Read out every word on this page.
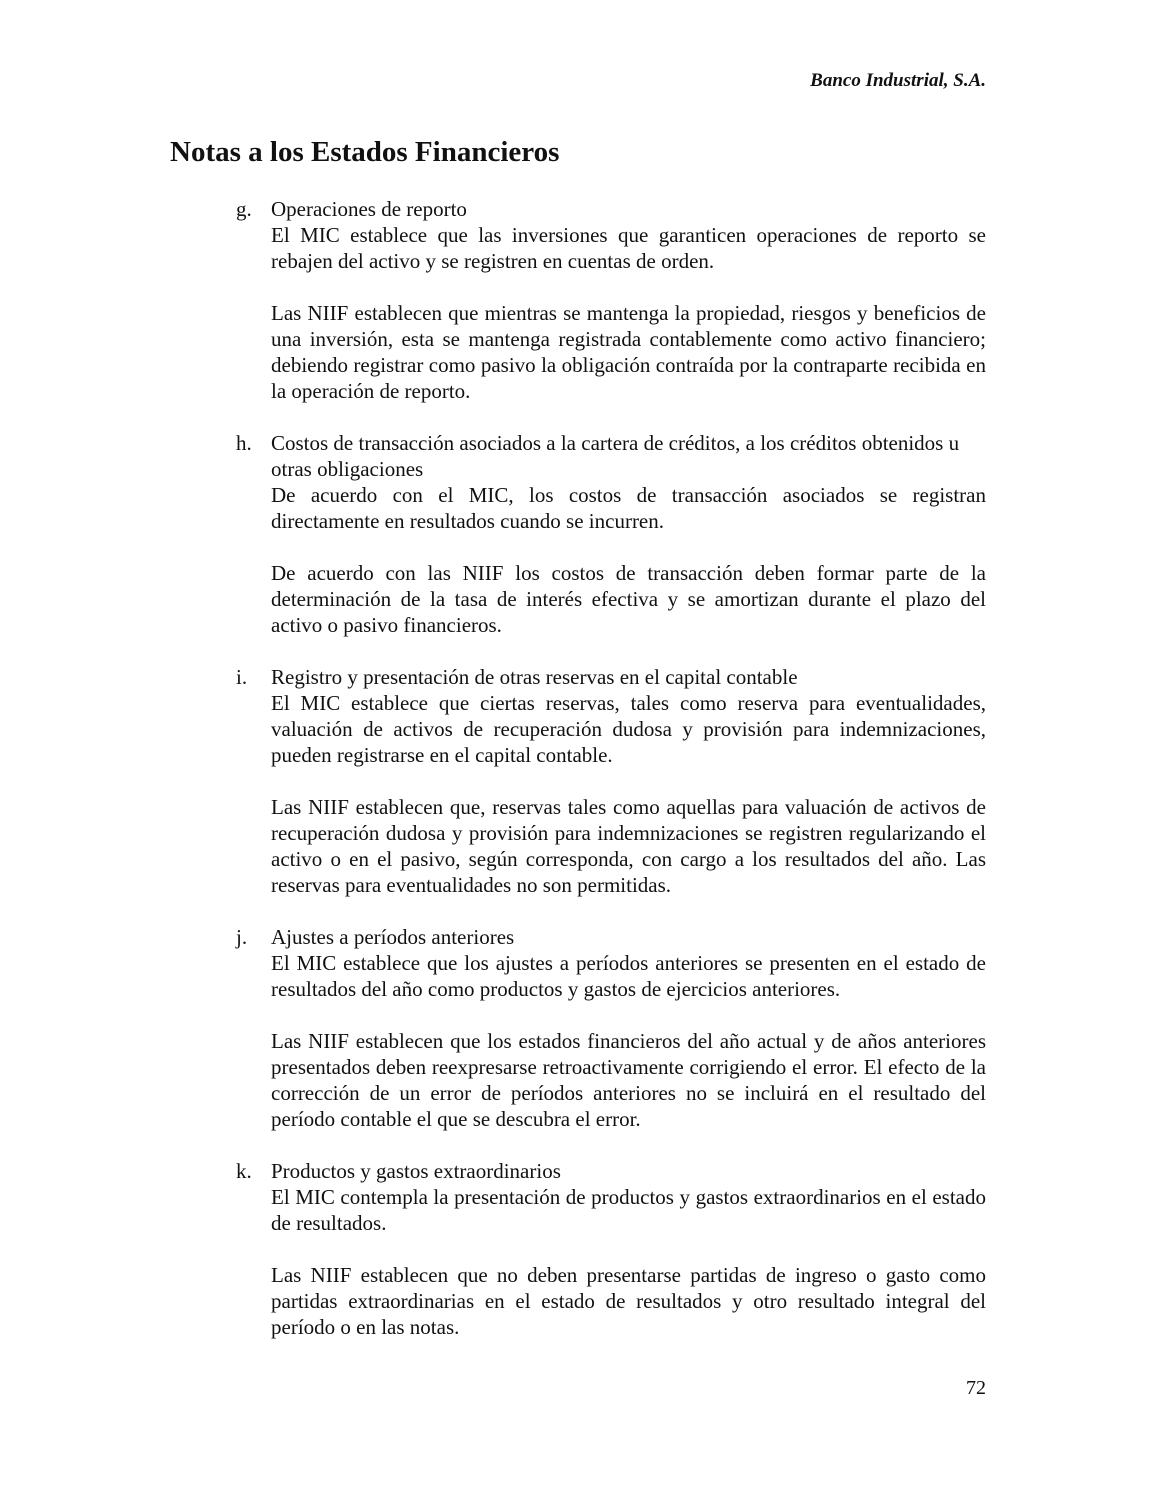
Banco Industrial, S.A.
Notas a los Estados Financieros
g. Operaciones de reporto

El MIC establece que las inversiones que garanticen operaciones de reporto se rebajen del activo y se registren en cuentas de orden.

Las NIIF establecen que mientras se mantenga la propiedad, riesgos y beneficios de una inversión, esta se mantenga registrada contablemente como activo financiero; debiendo registrar como pasivo la obligación contraída por la contraparte recibida en la operación de reporto.

h. Costos de transacción asociados a la cartera de créditos, a los créditos obtenidos u otras obligaciones

De acuerdo con el MIC, los costos de transacción asociados se registran directamente en resultados cuando se incurren.

De acuerdo con las NIIF los costos de transacción deben formar parte de la determinación de la tasa de interés efectiva y se amortizan durante el plazo del activo o pasivo financieros.

i. Registro y presentación de otras reservas en el capital contable

El MIC establece que ciertas reservas, tales como reserva para eventualidades, valuación de activos de recuperación dudosa y provisión para indemnizaciones, pueden registrarse en el capital contable.

Las NIIF establecen que, reservas tales como aquellas para valuación de activos de recuperación dudosa y provisión para indemnizaciones se registren regularizando el activo o en el pasivo, según corresponda, con cargo a los resultados del año. Las reservas para eventualidades no son permitidas.

j. Ajustes a períodos anteriores

El MIC establece que los ajustes a períodos anteriores se presenten en el estado de resultados del año como productos y gastos de ejercicios anteriores.

Las NIIF establecen que los estados financieros del año actual y de años anteriores presentados deben reexpresarse retroactivamente corrigiendo el error. El efecto de la corrección de un error de períodos anteriores no se incluirá en el resultado del período contable el que se descubra el error.

k. Productos y gastos extraordinarios

El MIC contempla la presentación de productos y gastos extraordinarios en el estado de resultados.

Las NIIF establecen que no deben presentarse partidas de ingreso o gasto como partidas extraordinarias en el estado de resultados y otro resultado integral del período o en las notas.

72
